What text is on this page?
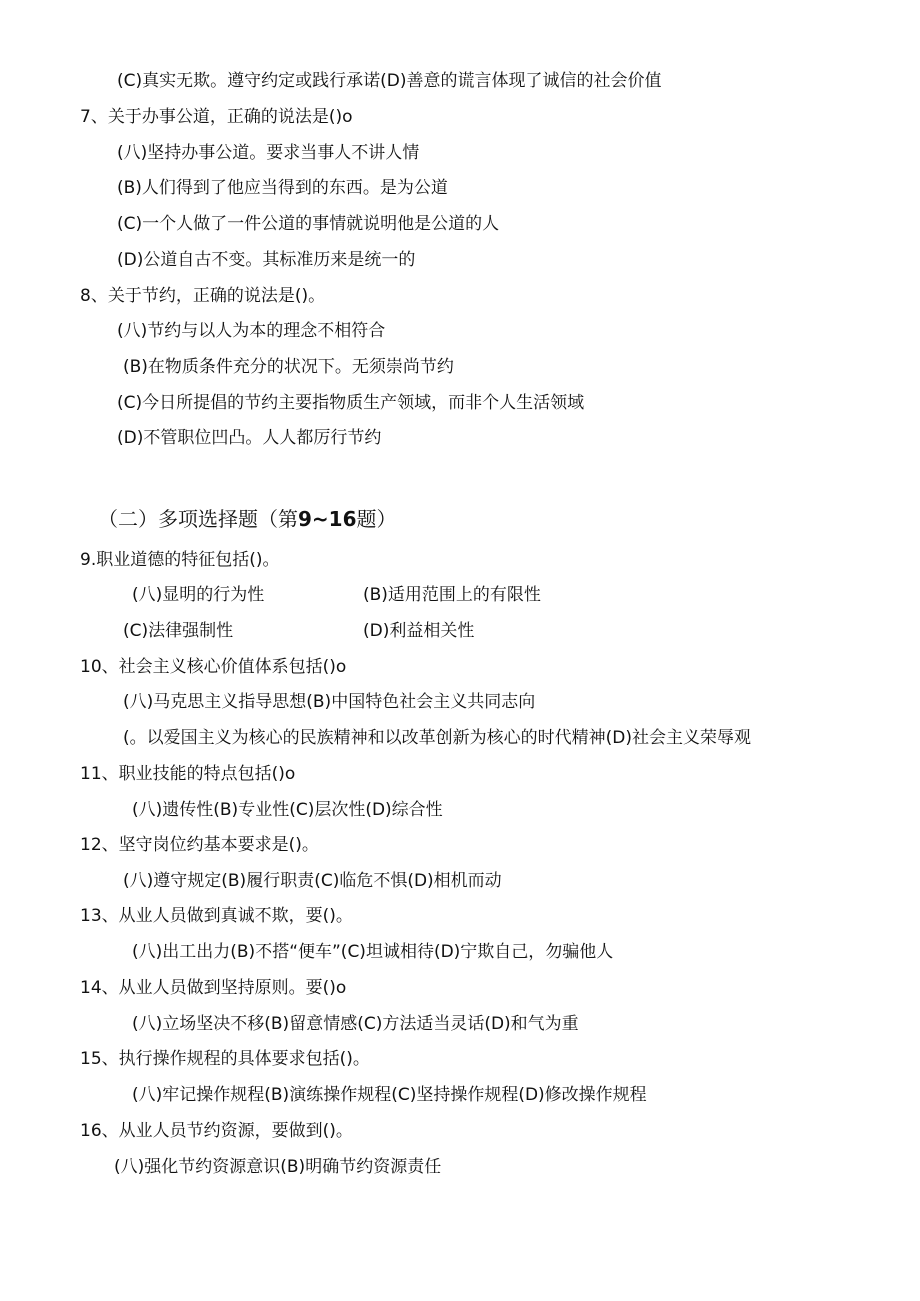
(C)真实无欺。遵守约定或践行承诺(D)善意的谎言体现了诚信的社会价值
7、关于办事公道，正确的说法是()o
(八)坚持办事公道。要求当事人不讲人情
(B)人们得到了他应当得到的东西。是为公道
(C)一个人做了一件公道的事情就说明他是公道的人
(D)公道自古不变。其标准历来是统一的
8、关于节约，正确的说法是()。
(八)节约与以人为本的理念不相符合
(B)在物质条件充分的状况下。无须崇尚节约
(C)今日所提倡的节约主要指物质生产领域，而非个人生活领域
(D)不管职位凹凸。人人都厉行节约
（二）多项选择题（第9~16题）
9.职业道德的特征包括()。
(八)显明的行为性	(B)适用范围上的有限性
(C)法律强制性	(D)利益相关性
10、社会主义核心价值体系包括()o
(八)马克思主义指导思想(B)中国特色社会主义共同志向
(。以爱国主义为核心的民族精神和以改革创新为核心的时代精神(D)社会主义荣辱观
11、职业技能的特点包括()o
(八)遗传性(B)专业性(C)层次性(D)综合性
12、坚守岗位约基本要求是()。
(八)遵守规定(B)履行职责(C)临危不惧(D)相机而动
13、从业人员做到真诚不欺，要()。
(八)出工出力(B)不搭“便车”(C)坦诚相待(D)宁欺自己，勿骗他人
14、从业人员做到坚持原则。要()o
(八)立场坚决不移(B)留意情感(C)方法适当灵话(D)和气为重
15、执行操作规程的具体要求包括()。
(八)牢记操作规程(B)演练操作规程(C)坚持操作规程(D)修改操作规程
16、从业人员节约资源，要做到()。
(八)强化节约资源意识(B)明确节约资源责任
